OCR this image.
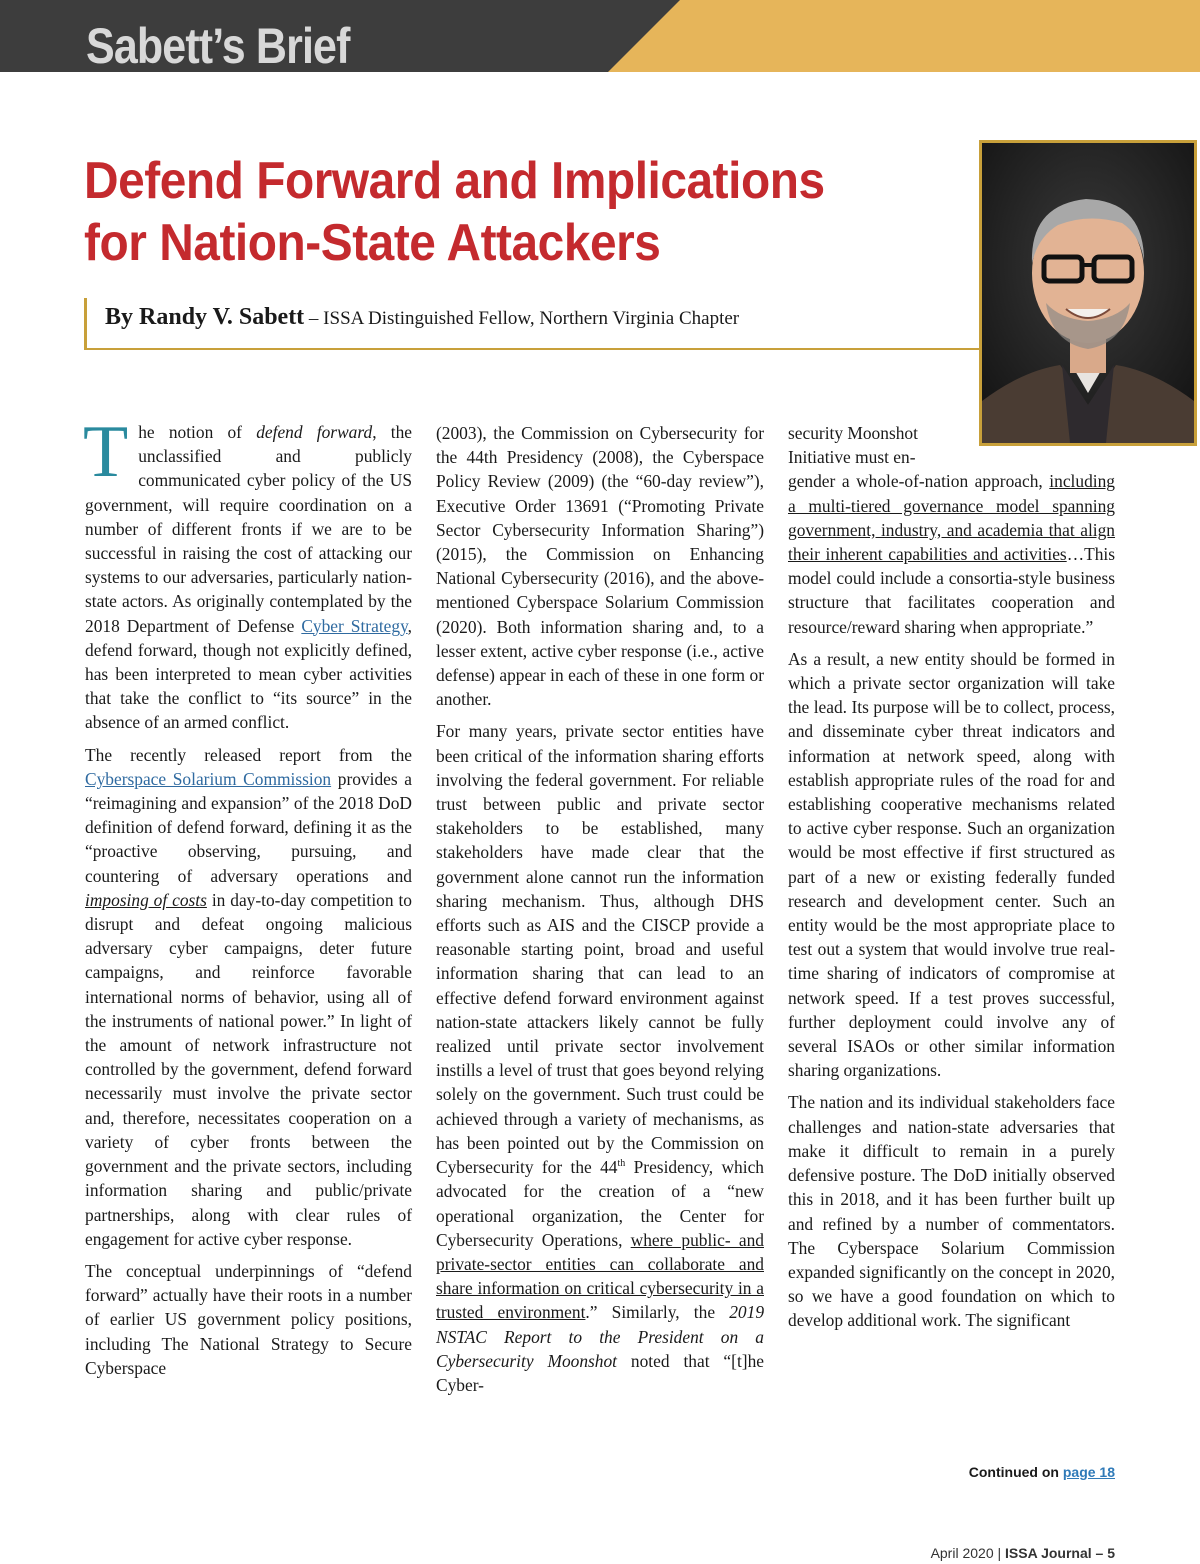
Sabett’s Brief
Defend Forward and Implications
for Nation-State Attackers
By Randy V. Sabett – ISSA Distinguished Fellow, Northern Virginia Chapter

The notion of defend forward, the unclassified and publicly communicated cyber policy of the US government, will require coordination on a number of different fronts if we are to be successful in raising the cost of attacking our systems to our adversaries, particularly nation-state actors. As originally contemplated by the 2018 Department of Defense Cyber Strategy, defend forward, though not explicitly defined, has been interpreted to mean cyber activities that take the conflict to “its source” in the absence of an armed conflict.

The recently released report from the Cyberspace Solarium Commission provides a “reimagining and expansion” of the 2018 DoD definition of defend forward, defining it as the “proactive observing, pursuing, and countering of adversary operations and imposing of costs in day-to-day competition to disrupt and defeat ongoing malicious adversary cyber campaigns, deter future campaigns, and reinforce favorable international norms of behavior, using all of the instruments of national power.” In light of the amount of network infrastructure not controlled by the government, defend forward necessarily must involve the private sector and, therefore, necessitates cooperation on a variety of cyber fronts between the government and the private sectors, including information sharing and public/private partnerships, along with clear rules of engagement for active cyber response.

The conceptual underpinnings of “defend forward” actually have their roots in a number of earlier US government policy positions, including The National Strategy to Secure Cyberspace

(2003), the Commission on Cybersecurity for the 44th Presidency (2008), the Cyberspace Policy Review (2009) (the “60-day review”), Executive Order 13691 (“Promoting Private Sector Cybersecurity Information Sharing”) (2015), the Commission on Enhancing National Cybersecurity (2016), and the above-mentioned Cyberspace Solarium Commission (2020). Both information sharing and, to a lesser extent, active cyber response (i.e., active defense) appear in each of these in one form or another.

For many years, private sector entities have been critical of the information sharing efforts involving the federal government. For reliable trust between public and private sector stakeholders to be established, many stakeholders have made clear that the government alone cannot run the information sharing mechanism. Thus, although DHS efforts such as AIS and the CISCP provide a reasonable starting point, broad and useful information sharing that can lead to an effective defend forward environment against nation-state attackers likely cannot be fully realized until private sector involvement instills a level of trust that goes beyond relying solely on the government. Such trust could be achieved through a variety of mechanisms, as has been pointed out by the Commission on Cybersecurity for the 44th Presidency, which advocated for the creation of a “new operational organization, the Center for Cybersecurity Operations, where public- and private-sector entities can collaborate and share information on critical cybersecurity in a trusted environment.” Similarly, the 2019 NSTAC Report to the President on a Cybersecurity Moonshot noted that “[t]he Cyber-

security Moonshot
Initiative must en-
gender a whole-of-nation approach, including a multi-tiered governance model spanning government, industry, and academia that align their inherent capabilities and activities…This model could include a consortia-style business structure that facilitates cooperation and resource/reward sharing when appropriate.”

As a result, a new entity should be formed in which a private sector organization will take the lead. Its purpose will be to collect, process, and disseminate cyber threat indicators and information at network speed, along with establish appropriate rules of the road for and establishing cooperative mechanisms related to active cyber response. Such an organization would be most effective if first structured as part of a new or existing federally funded research and development center. Such an entity would be the most appropriate place to test out a system that would involve true real-time sharing of indicators of compromise at network speed. If a test proves successful, further deployment could involve any of several ISAOs or other similar information sharing organizations.

The nation and its individual stakeholders face challenges and nation-state adversaries that make it difficult to remain in a purely defensive posture. The DoD initially observed this in 2018, and it has been further built up and refined by a number of commentators. The Cyberspace Solarium Commission expanded significantly on the concept in 2020, so we have a good foundation on which to develop additional work. The significant

Continued on page 18
April 2020 | ISSA Journal – 5
